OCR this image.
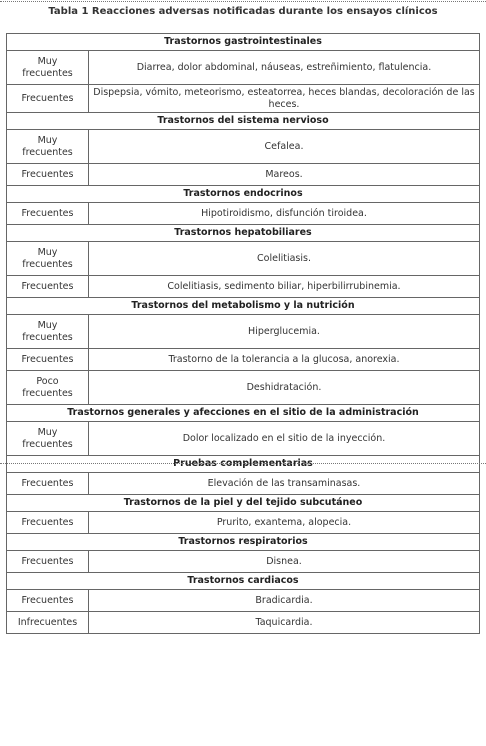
Tabla 1 Reacciones adversas notificadas durante los ensayos clínicos
Trastornos gastrointestinales	
Muy frecuentes	Diarrea, dolor abdominal, náuseas, estreñimiento, flatulencia.
Frecuentes	Dispepsia, vómito, meteorismo, esteatorrea, heces blandas, decoloración de las heces.
Trastornos del sistema nervioso	
Muy frecuentes	Cefalea.
Frecuentes	Mareos.
Trastornos endocrinos	
Frecuentes	Hipotiroidismo, disfunción tiroidea.
Trastornos hepatobiliares	
Muy frecuentes	Colelitiasis.
Frecuentes	Colelitiasis, sedimento biliar, hiperbilirrubinemia.
Trastornos del metabolismo y la nutrición	
Muy frecuentes	Hiperglucemia.
Frecuentes	Trastorno de la tolerancia a la glucosa, anorexia.
Poco frecuentes	Deshidratación.
Trastornos generales y afecciones en el sitio de la administración	
Muy frecuentes	Dolor localizado en el sitio de la inyección.
Pruebas complementarias	
Frecuentes	Elevación de las transaminasas.
Trastornos de la piel y del tejido subcutáneo	
Frecuentes	Prurito, exantema, alopecia.
Trastornos respiratorios	
Frecuentes	Disnea.
Trastornos cardiacos	
Frecuentes	Bradicardia.
Infrecuentes	Taquicardia.
